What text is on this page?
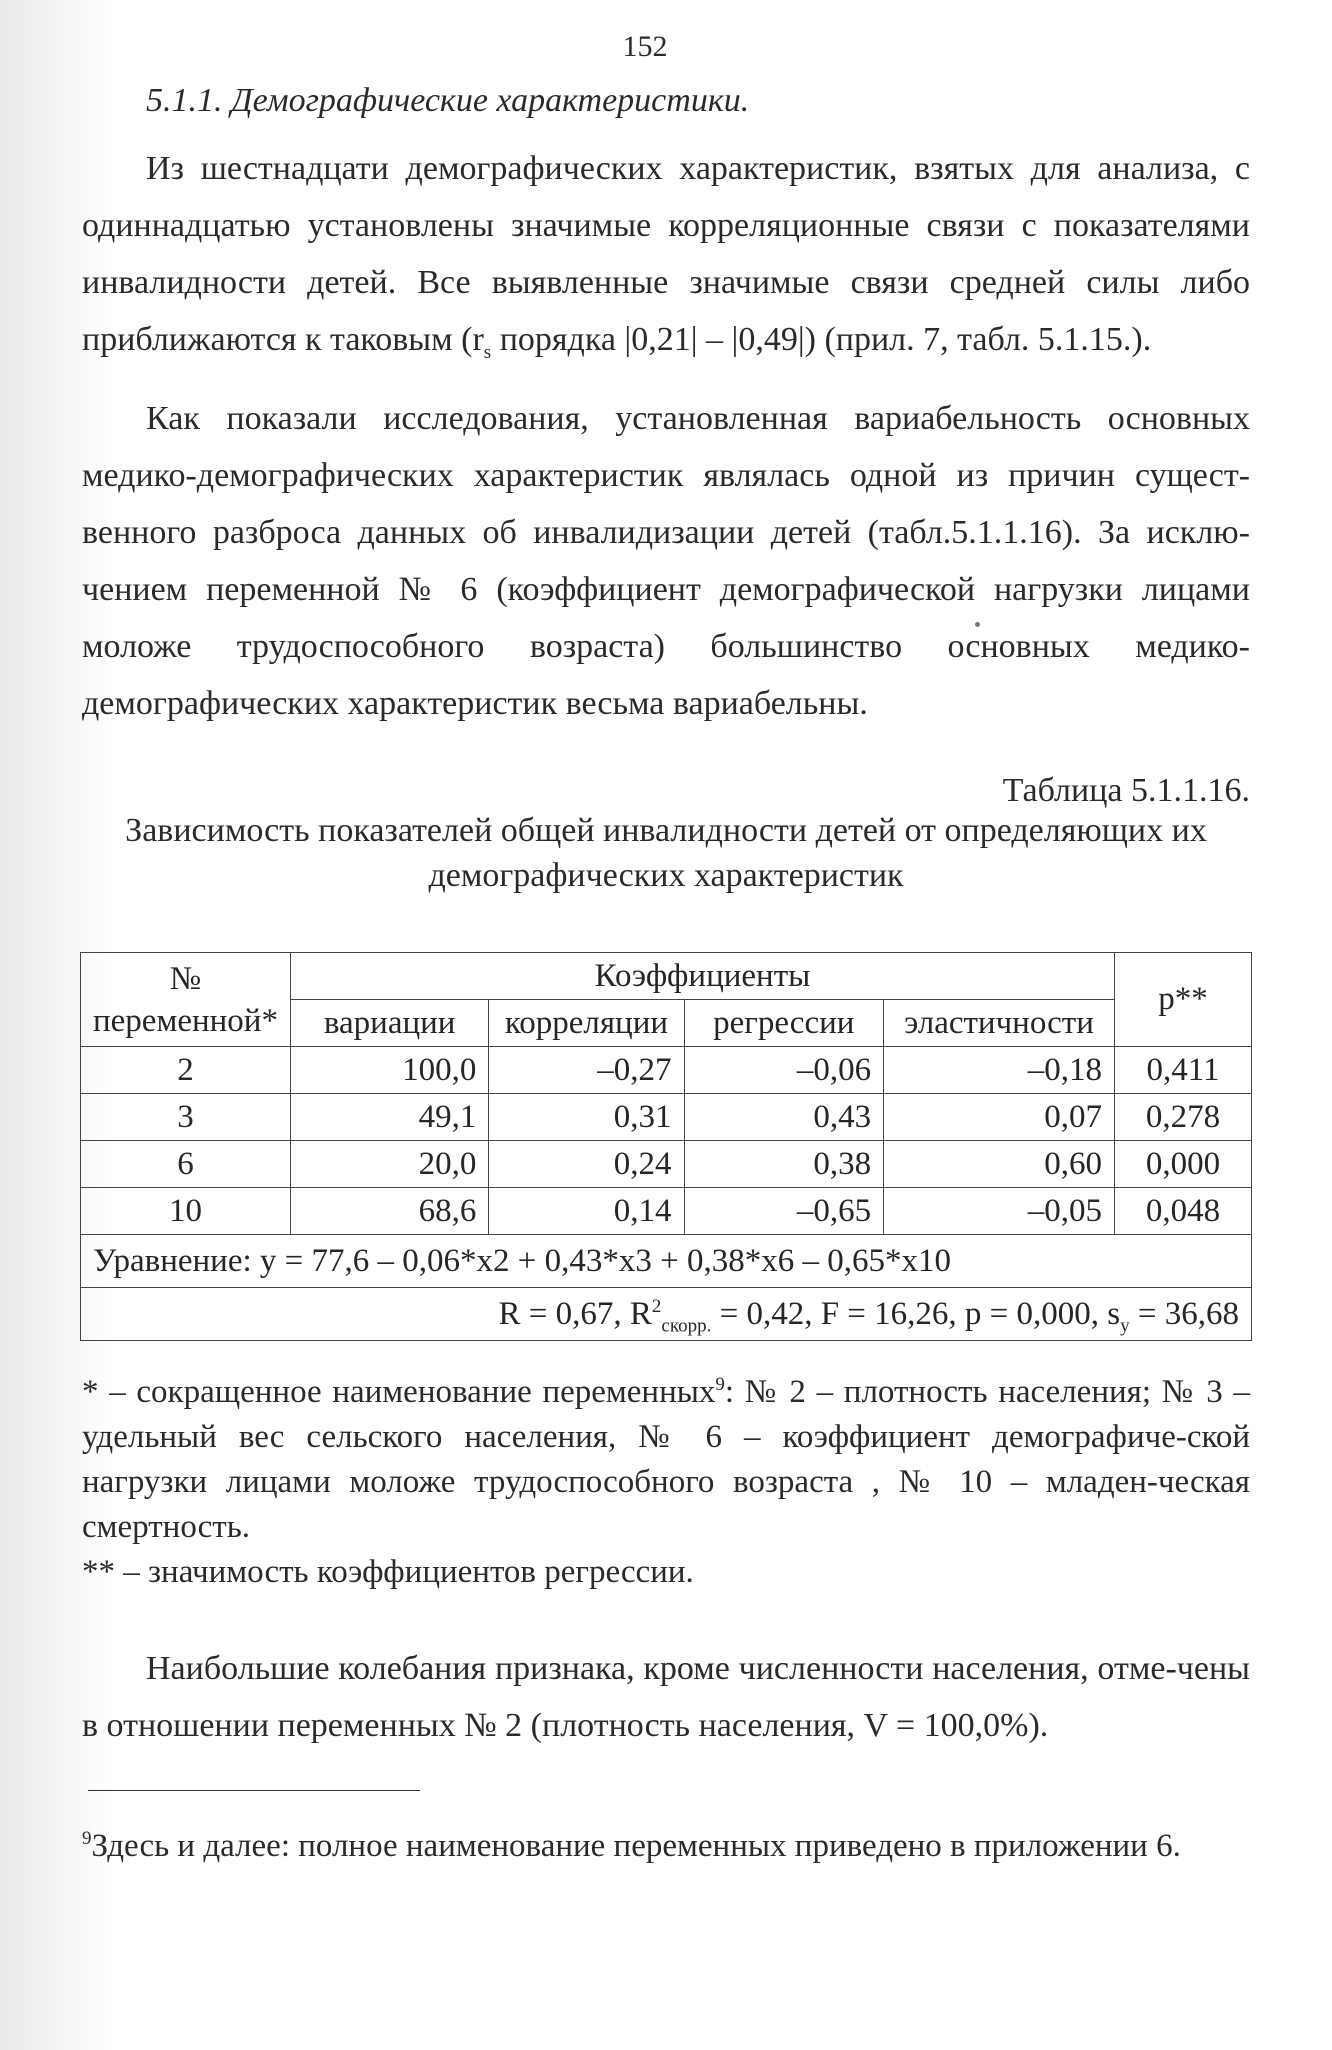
152
5.1.1. Демографические характеристики.
Из шестнадцати демографических характеристик, взятых для анализа, с одиннадцатью установлены значимые корреляционные связи с показателями инвалидности детей. Все выявленные значимые связи средней силы либо приближаются к таковым ($r_s$ порядка |0,21| – |0,49|) (прил. 7, табл. 5.1.15.).
Как показали исследования, установленная вариабельность основных медико-демографических характеристик являлась одной из причин сущест-венного разброса данных об инвалидизации детей (табл.5.1.1.16). За исклю-чением переменной № 6 (коэффициент демографической нагрузки лицами моложе трудоспособного возраста) большинство основных медико-демографических характеристик весьма вариабельны.
Таблица 5.1.1.16.
Зависимость показателей общей инвалидности детей от определяющих их демографических характеристик
№ переменной*	Коэффициенты				p**
	вариации	корреляции	регрессии	эластичности	
2	100,0	–0,27	–0,06	–0,18	0,411
3	49,1	0,31	0,43	0,07	0,278
6	20,0	0,24	0,38	0,60	0,000
10	68,6	0,14	–0,65	–0,05	0,048
Уравнение: y = 77,6 – 0,06*x2 + 0,43*x3 + 0,38*x6 – 0,65*x10					
R = 0,67, R$^2_{скорр.}$ = 0,42, F = 16,26, p = 0,000, $s_y = 36,68$					
* – сокращенное наименование переменных$^9$: № 2 – плотность населения; № 3 – удельный вес сельского населения, № 6 – коэффициент демографиче-ской нагрузки лицами моложе трудоспособного возраста , № 10 – младен-ческая смертность.
** – значимость коэффициентов регрессии.
Наибольшие колебания признака, кроме численности населения, отме-чены в отношении переменных № 2 (плотность населения, V = 100,0%).
$^9$Здесь и далее: полное наименование переменных приведено в приложении 6.
